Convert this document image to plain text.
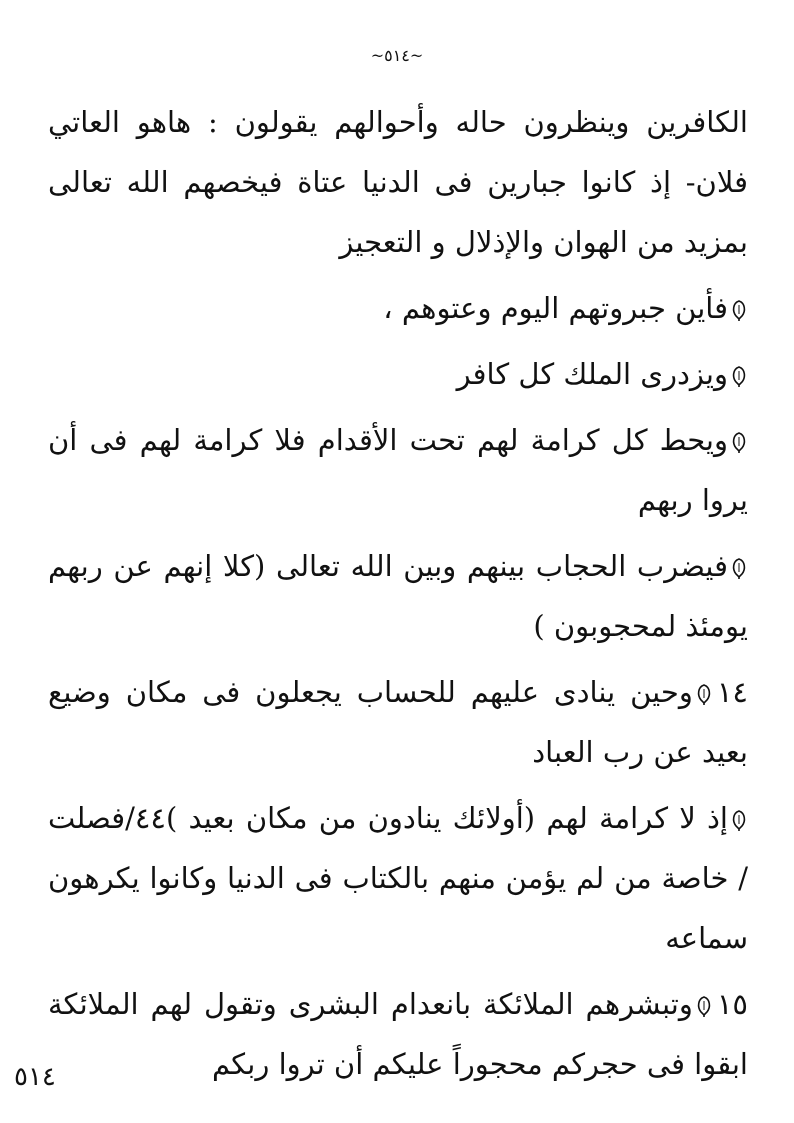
~٥١٤~

الكافرين وينظرون حاله وأحوالهم يقولون : هاهو العاتي فلان- إذ كانوا جبارين فى الدنيا عتاة فيخصهم الله تعالى بمزيد من الهوان والإذلال و التعجيز

فأين جبروتهم اليوم وعتوهم ،

ويزدرى الملك كل كافر

ويحط كل كرامة لهم تحت الأقدام فلا كرامة لهم فى أن يروا ربهم

فيضرب الحجاب بينهم وبين الله تعالى (كلا إنهم عن ربهم يومئذ لمحجوبون )

١٤وحين ينادى عليهم للحساب يجعلون فى مكان وضيع بعيد عن رب العباد

إذ لا كرامة لهم (أولائك ينادون من مكان بعيد )٤٤/فصلت / خاصة من لم يؤمن منهم بالكتاب فى الدنيا وكانوا يكرهون سماعه

١٥وتبشرهم الملائكة بانعدام البشرى وتقول لهم الملائكة ابقوا فى حجركم محجوراً عليكم أن تروا ربكم

٥١٤
